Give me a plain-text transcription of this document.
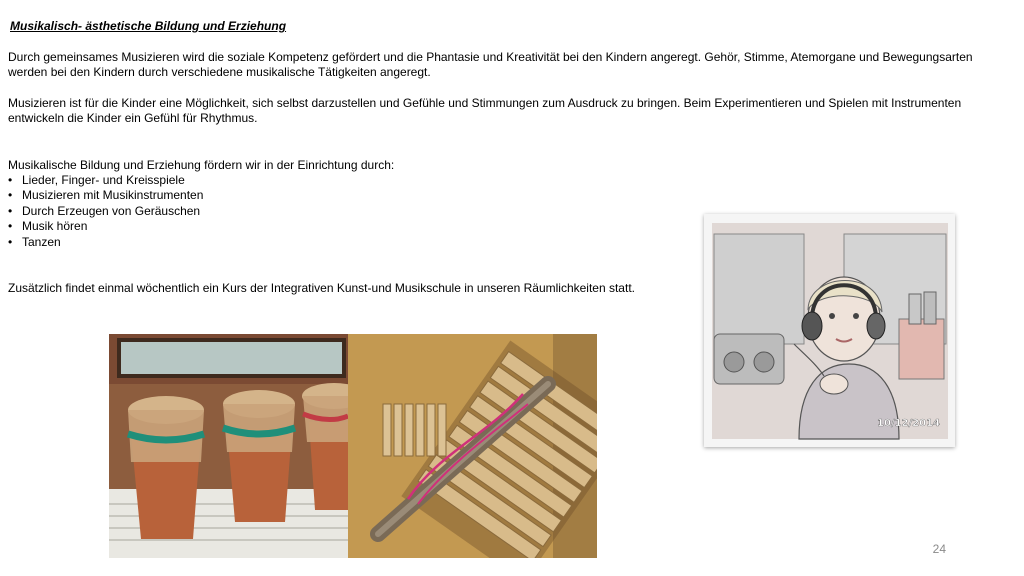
Musikalisch- ästhetische Bildung und Erziehung

Durch gemeinsames Musizieren wird die soziale Kompetenz gefördert und die Phantasie und Kreativität bei den Kindern angeregt. Gehör, Stimme, Atemorgane und Bewegungsarten werden bei den Kindern durch verschiedene musikalische Tätigkeiten angeregt.

Musizieren ist für die Kinder eine Möglichkeit, sich selbst darzustellen und Gefühle und Stimmungen zum Ausdruck zu bringen. Beim Experimentieren und Spielen mit Instrumenten entwickeln die Kinder ein Gefühl für Rhythmus.

Musikalische Bildung und Erziehung fördern wir in der Einrichtung durch:

• Lieder, Finger- und Kreisspiele
• Musizieren mit Musikinstrumenten
• Durch Erzeugen von Geräuschen
• Musik hören
• Tanzen

Zusätzlich findet einmal wöchentlich ein Kurs der Integrativen Kunst-und Musikschule in unseren Räumlichkeiten statt.

10/12/2014
24
